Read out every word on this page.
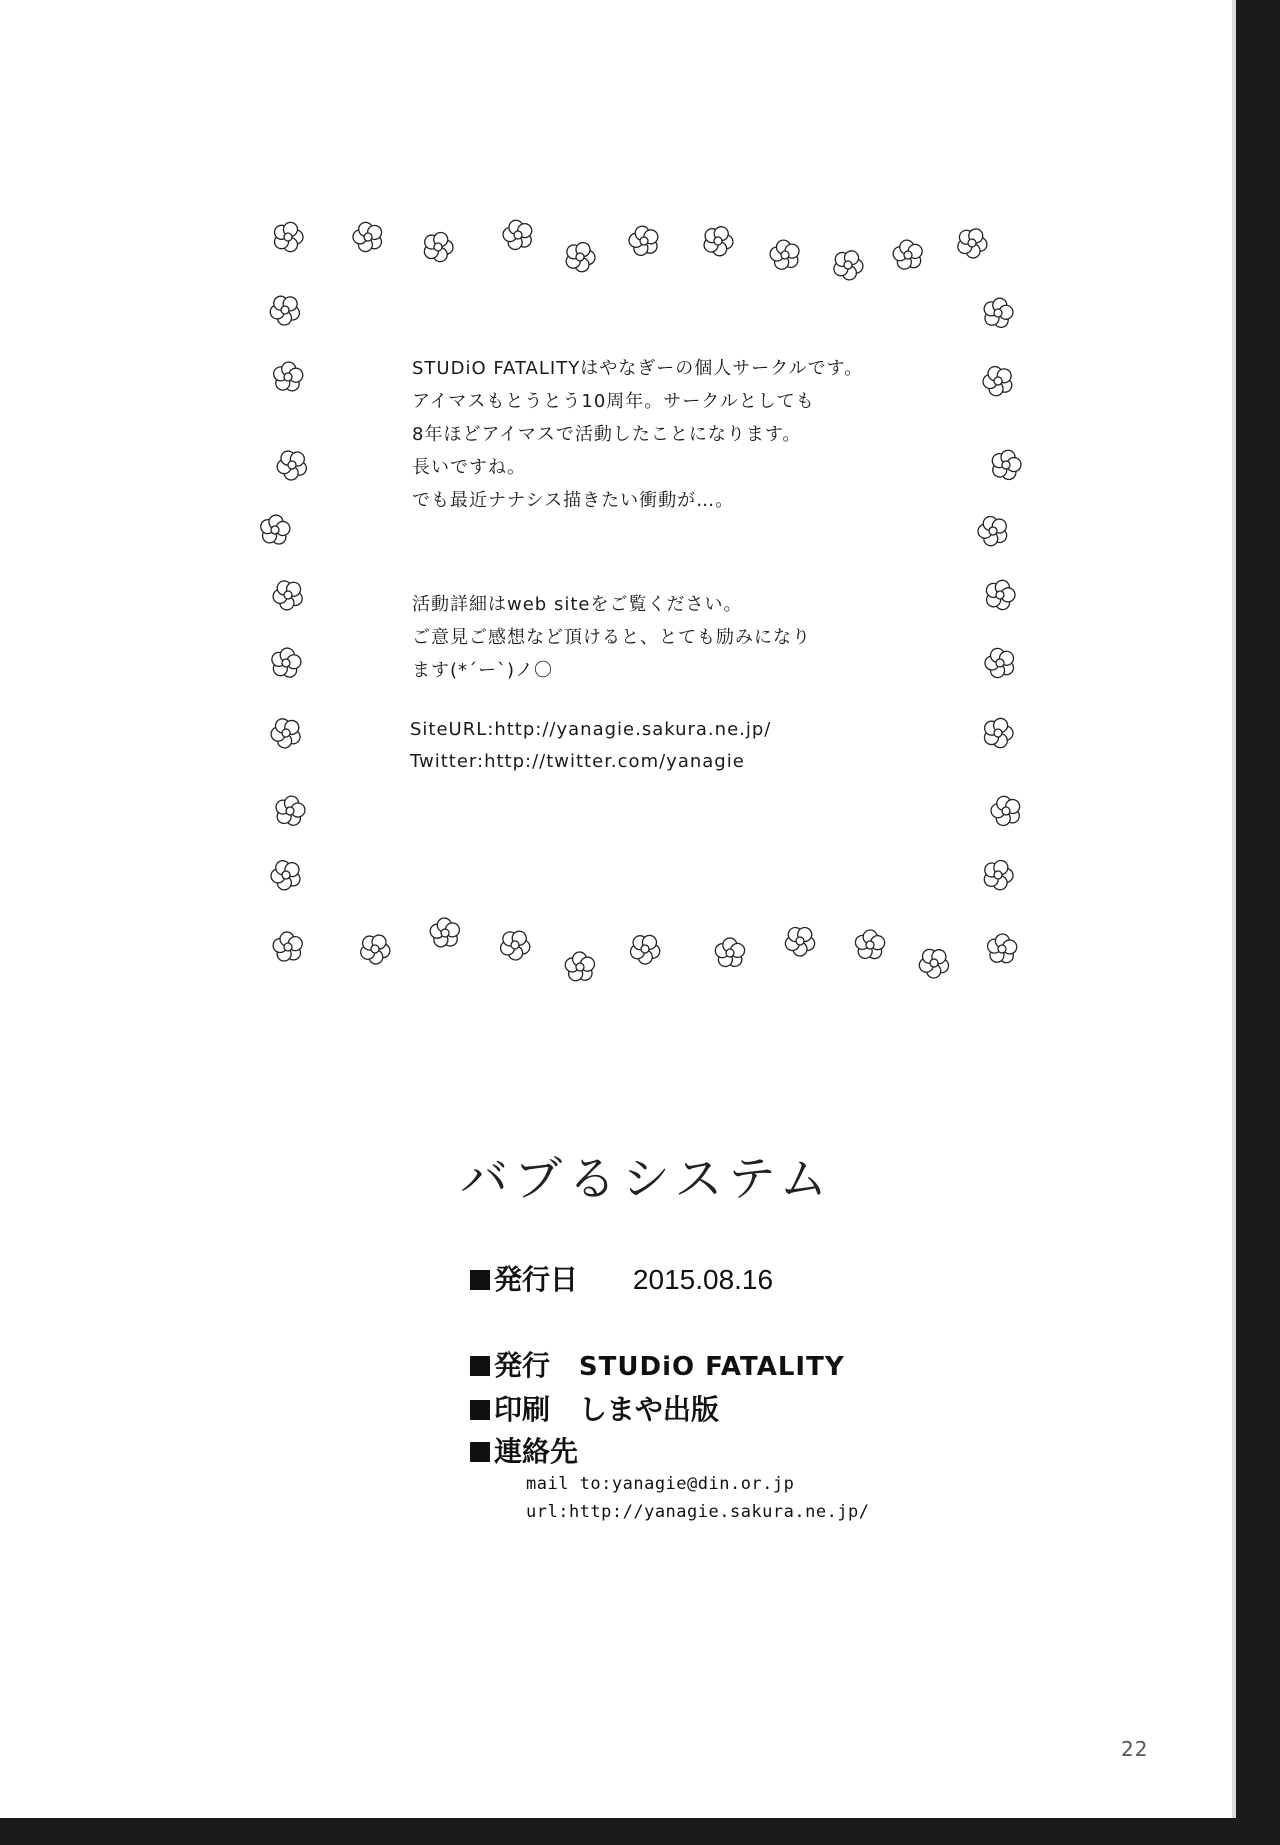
STUDiO FATALITYはやなぎーの個人サークルです。

アイマスもとうとう10周年。サークルとしても

8年ほどアイマスで活動したことになります。

長いですね。

でも最近ナナシス描きたい衝動が…。

活動詳細はweb siteをご覧ください。

ご意見ご感想など頂けると、とても励みになり

ます(*´ー`)ノ〇

SiteURL:http://yanagie.sakura.ne.jp/

Twitter:http://twitter.com/yanagie

バブるシステム
発行日 2015.08.16
発行 STUDiO FATALITY
印刷 しまや出版
連絡先
mail to:yanagie@din.or.jp
url:http://yanagie.sakura.ne.jp/
22
